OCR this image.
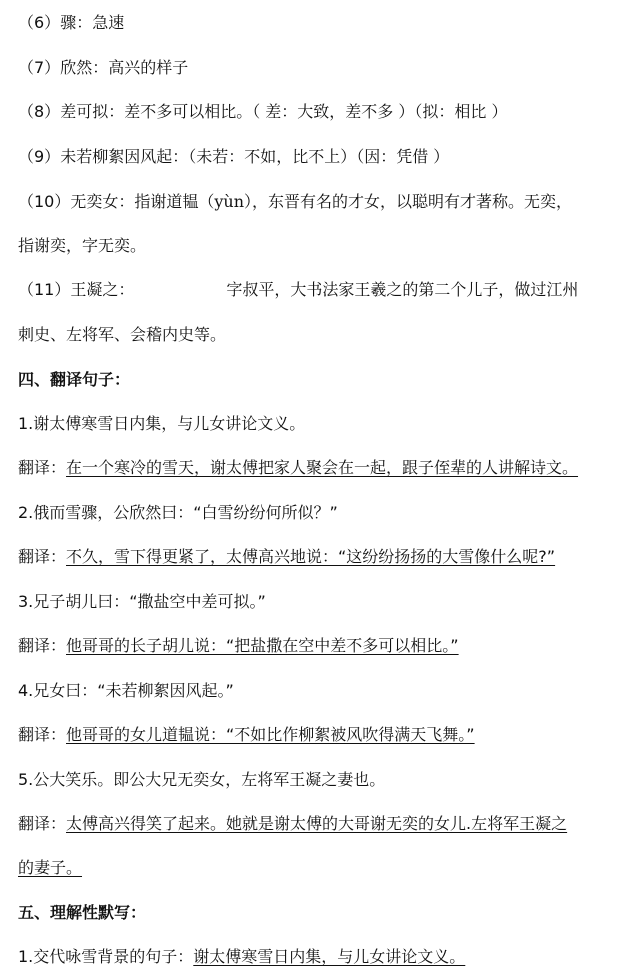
（6）骤：急速
（7）欣然：高兴的样子
（8）差可拟：差不多可以相比。（ 差：大致，差不多 ）（拟：相比 ）
（9）未若柳絮因风起：（未若：不如，比不上）（因：凭借 ）
（10）无奕女：指谢道韫（yùn），东晋有名的才女，以聪明有才著称。无奕，
指谢奕，字无奕。
（11）王凝之：	字叔平，大书法家王羲之的第二个儿子，做过江州
刺史、左将军、会稽内史等。
四、翻译句子：
1.谢太傅寒雪日内集，与儿女讲论文义。
翻译：在一个寒冷的雪天，谢太傅把家人聚会在一起，跟子侄辈的人讲解诗文。
2.俄而雪骤，公欣然曰：“白雪纷纷何所似？”
翻译：不久，雪下得更紧了，太傅高兴地说：“这纷纷扬扬的大雪像什么呢?”
3.兄子胡儿曰：“撒盐空中差可拟。”
翻译：他哥哥的长子胡儿说：“把盐撒在空中差不多可以相比。”
4.兄女曰：“未若柳絮因风起。”
翻译：他哥哥的女儿道韫说：“不如比作柳絮被风吹得满天飞舞。”
5.公大笑乐。即公大兄无奕女，左将军王凝之妻也。
翻译：太傅高兴得笑了起来。她就是谢太傅的大哥谢无奕的女儿.左将军王凝之
的妻子。
五、理解性默写：
1.交代咏雪背景的句子：谢太傅寒雪日内集，与儿女讲论文义。
